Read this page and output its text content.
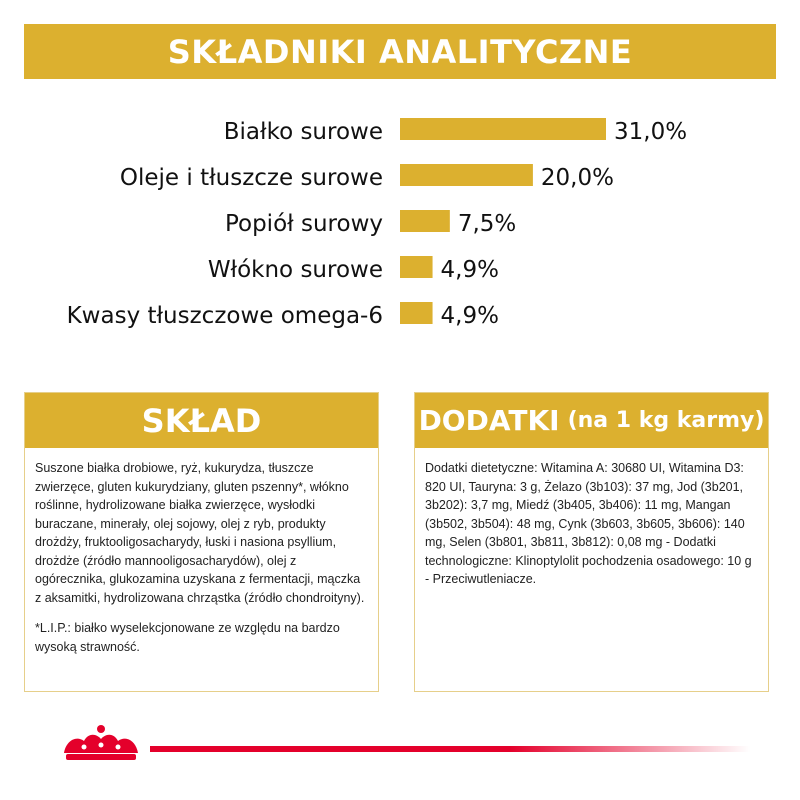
SKŁADNIKI ANALITYCZNE
Białko surowe	31,0%
Oleje i tłuszcze surowe	20,0%
Popiół surowy	7,5%
Włókno surowe	4,9%
Kwasy tłuszczowe omega-6	4,9%
SKŁAD

Suszone białka drobiowe, ryż, kukurydza, tłuszcze zwierzęce, gluten kukurydziany, gluten pszenny*, włókno roślinne, hydrolizowane białka zwierzęce, wysłodki buraczane, minerały, olej sojowy, olej z ryb, produkty drożdży, fruktooligosacharydy, łuski i nasiona psyllium, drożdże (źródło mannooligosacharydów), olej z ogórecznika, glukozamina uzyskana z fermentacji, mączka z aksamitki, hydrolizowana chrząstka (źródło chondroityny).

*L.I.P.: białko wyselekcjonowane ze względu na bardzo wysoką strawność.

DODATKI (na 1 kg karmy)

Dodatki dietetyczne: Witamina A: 30680 UI, Witamina D3: 820 UI, Tauryna: 3 g, Żelazo (3b103): 37 mg, Jod (3b201, 3b202): 3,7 mg, Miedź (3b405, 3b406): 11 mg, Mangan (3b502, 3b504): 48 mg, Cynk (3b603, 3b605, 3b606): 140 mg, Selen (3b801, 3b811, 3b812): 0,08 mg - Dodatki technologiczne: Klinoptylolit pochodzenia osadowego: 10 g - Przeciwutleniacze.
